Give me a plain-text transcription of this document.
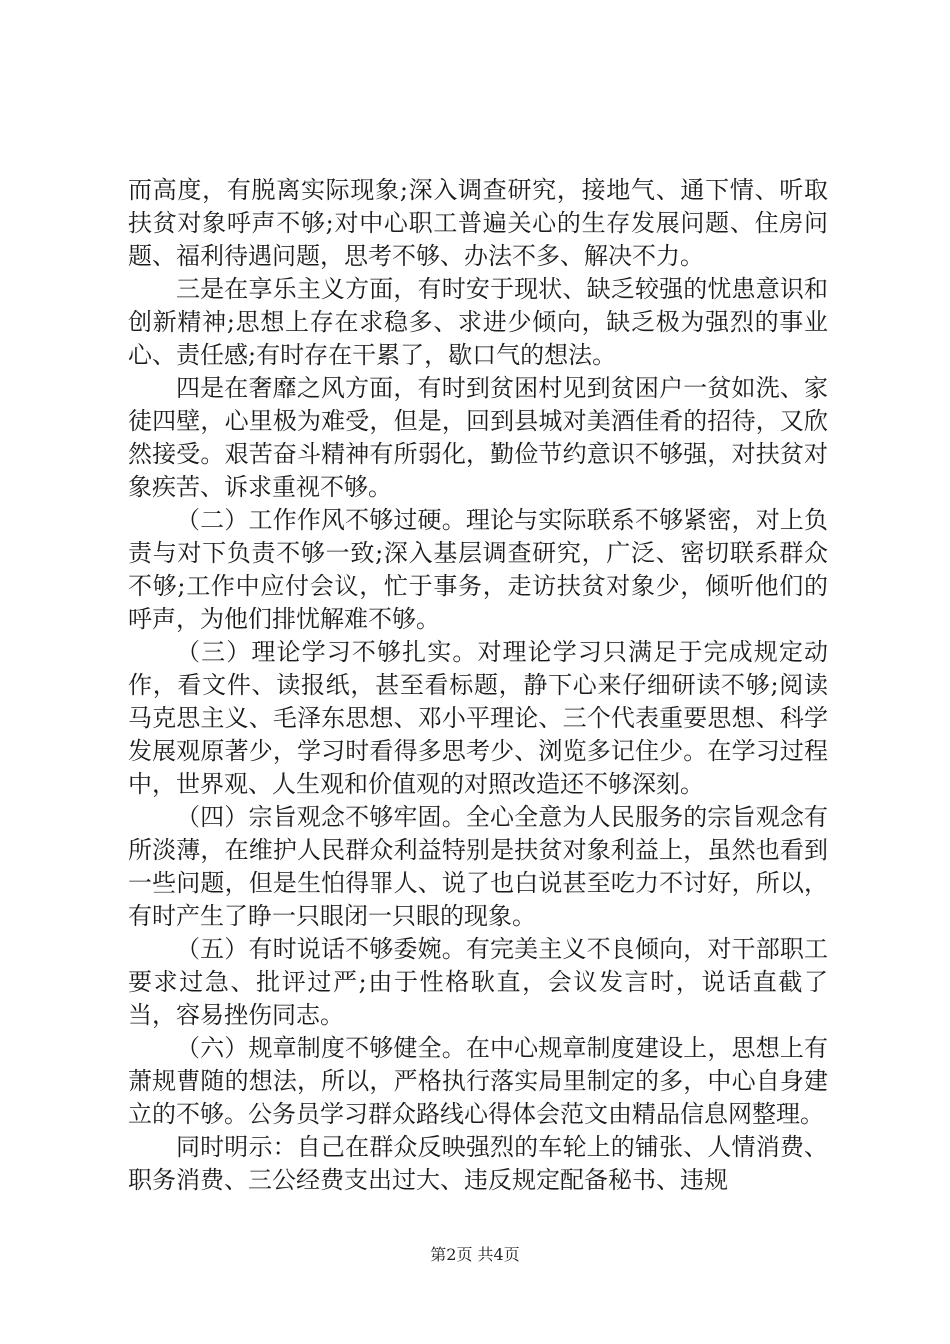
而高度，有脱离实际现象;深入调查研究，接地气、通下情、听取扶贫对象呼声不够;对中心职工普遍关心的生存发展问题、住房问题、福利待遇问题，思考不够、办法不多、解决不力。

三是在享乐主义方面，有时安于现状、缺乏较强的忧患意识和创新精神;思想上存在求稳多、求进少倾向，缺乏极为强烈的事业心、责任感;有时存在干累了，歇口气的想法。

四是在奢靡之风方面，有时到贫困村见到贫困户一贫如洗、家徒四壁，心里极为难受，但是，回到县城对美酒佳肴的招待，又欣然接受。艰苦奋斗精神有所弱化，勤俭节约意识不够强，对扶贫对象疾苦、诉求重视不够。

（二）工作作风不够过硬。理论与实际联系不够紧密，对上负责与对下负责不够一致;深入基层调查研究，广泛、密切联系群众不够;工作中应付会议，忙于事务，走访扶贫对象少，倾听他们的呼声，为他们排忧解难不够。

（三）理论学习不够扎实。对理论学习只满足于完成规定动作，看文件、读报纸，甚至看标题，静下心来仔细研读不够;阅读马克思主义、毛泽东思想、邓小平理论、三个代表重要思想、科学发展观原著少，学习时看得多思考少、浏览多记住少。在学习过程中，世界观、人生观和价值观的对照改造还不够深刻。

（四）宗旨观念不够牢固。全心全意为人民服务的宗旨观念有所淡薄，在维护人民群众利益特别是扶贫对象利益上，虽然也看到一些问题，但是生怕得罪人、说了也白说甚至吃力不讨好，所以，有时产生了睁一只眼闭一只眼的现象。

（五）有时说话不够委婉。有完美主义不良倾向，对干部职工要求过急、批评过严;由于性格耿直，会议发言时，说话直截了当，容易挫伤同志。

（六）规章制度不够健全。在中心规章制度建设上，思想上有萧规曹随的想法，所以，严格执行落实局里制定的多，中心自身建立的不够。公务员学习群众路线心得体会范文由精品信息网整理。

同时明示：自己在群众反映强烈的车轮上的铺张、人情消费、职务消费、三公经费支出过大、违反规定配备秘书、违规

第2页 共4页
